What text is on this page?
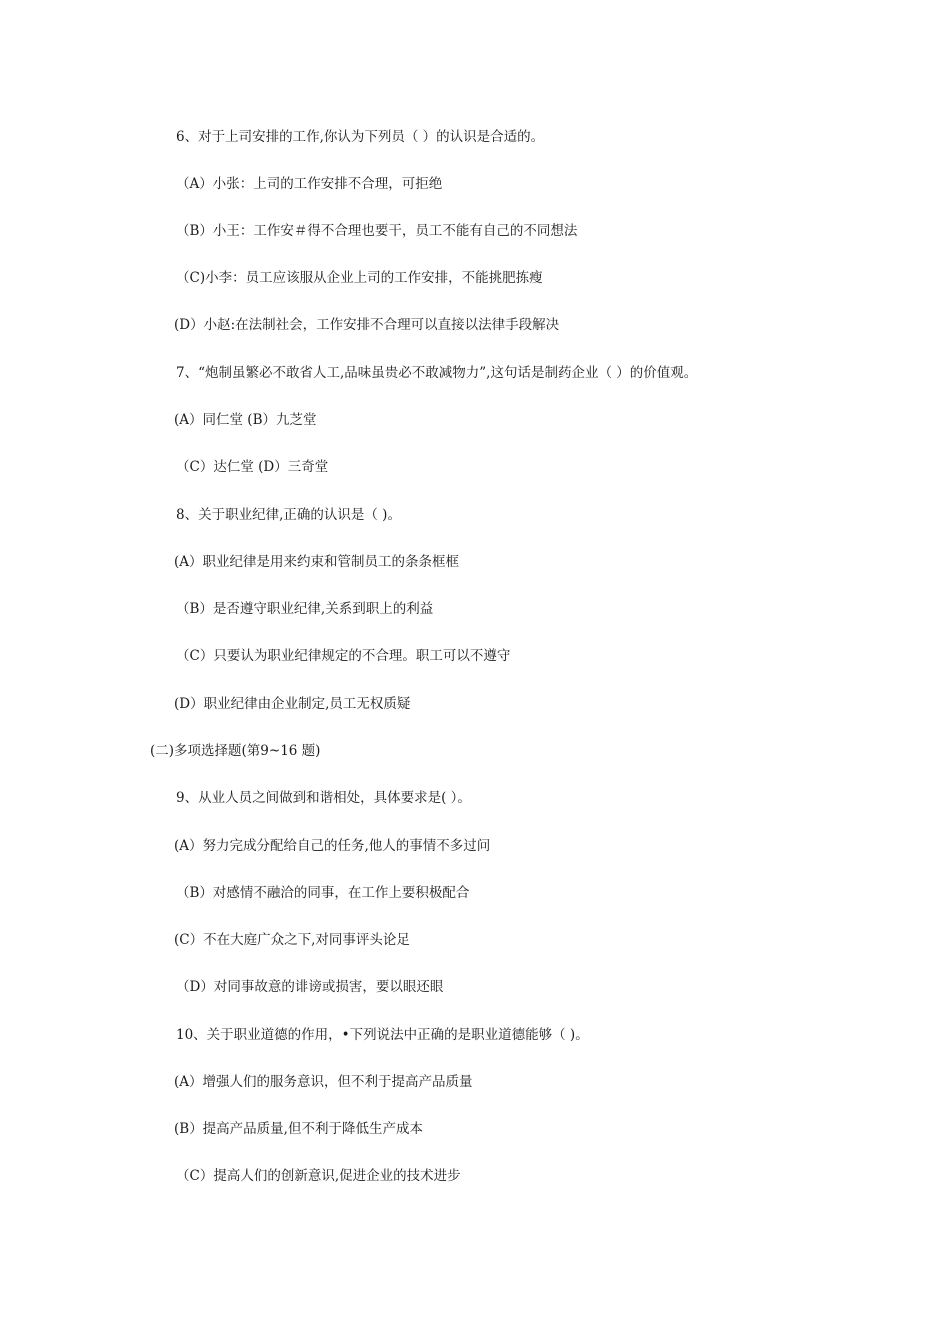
6、对于上司安排的工作,你认为下列员（ ）的认识是合适的。
（A）小张：上司的工作安排不合理，可拒绝
（B）小王：工作安＃得不合理也要干，员工不能有自己的不同想法
（C)小李：员工应该服从企业上司的工作安排，不能挑肥拣瘦
(D）小赵:在法制社会，工作安排不合理可以直接以法律手段解决
7、“炮制虽繁必不敢省人工,品味虽贵必不敢减物力”,这句话是制药企业（ ）的价值观。
(A）同仁堂 (B）九芝堂
（C）达仁堂 (D）三奇堂
8、关于职业纪律,正确的认识是（ )。
(A）职业纪律是用来约束和管制员工的条条框框
（B）是否遵守职业纪律,关系到职上的利益
（C）只要认为职业纪律规定的不合理。职工可以不遵守
(D）职业纪律由企业制定,员工无权质疑
(二)多项选择题(第9~16 题)
9、从业人员之间做到和谐相处，具体要求是( ）。
(A）努力完成分配给自己的任务,他人的事情不多过问
（B）对感情不融洽的同事，在工作上要积极配合
(C）不在大庭广众之下,对同事评头论足
（D）对同事故意的诽谤或损害，要以眼还眼
10、关于职业道德的作用，•下列说法中正确的是职业道德能够（ )。
(A）增强人们的服务意识，但不利于提高产品质量
(B）提高产品质量,但不利于降低生产成本
（C）提高人们的创新意识,促进企业的技术进步
